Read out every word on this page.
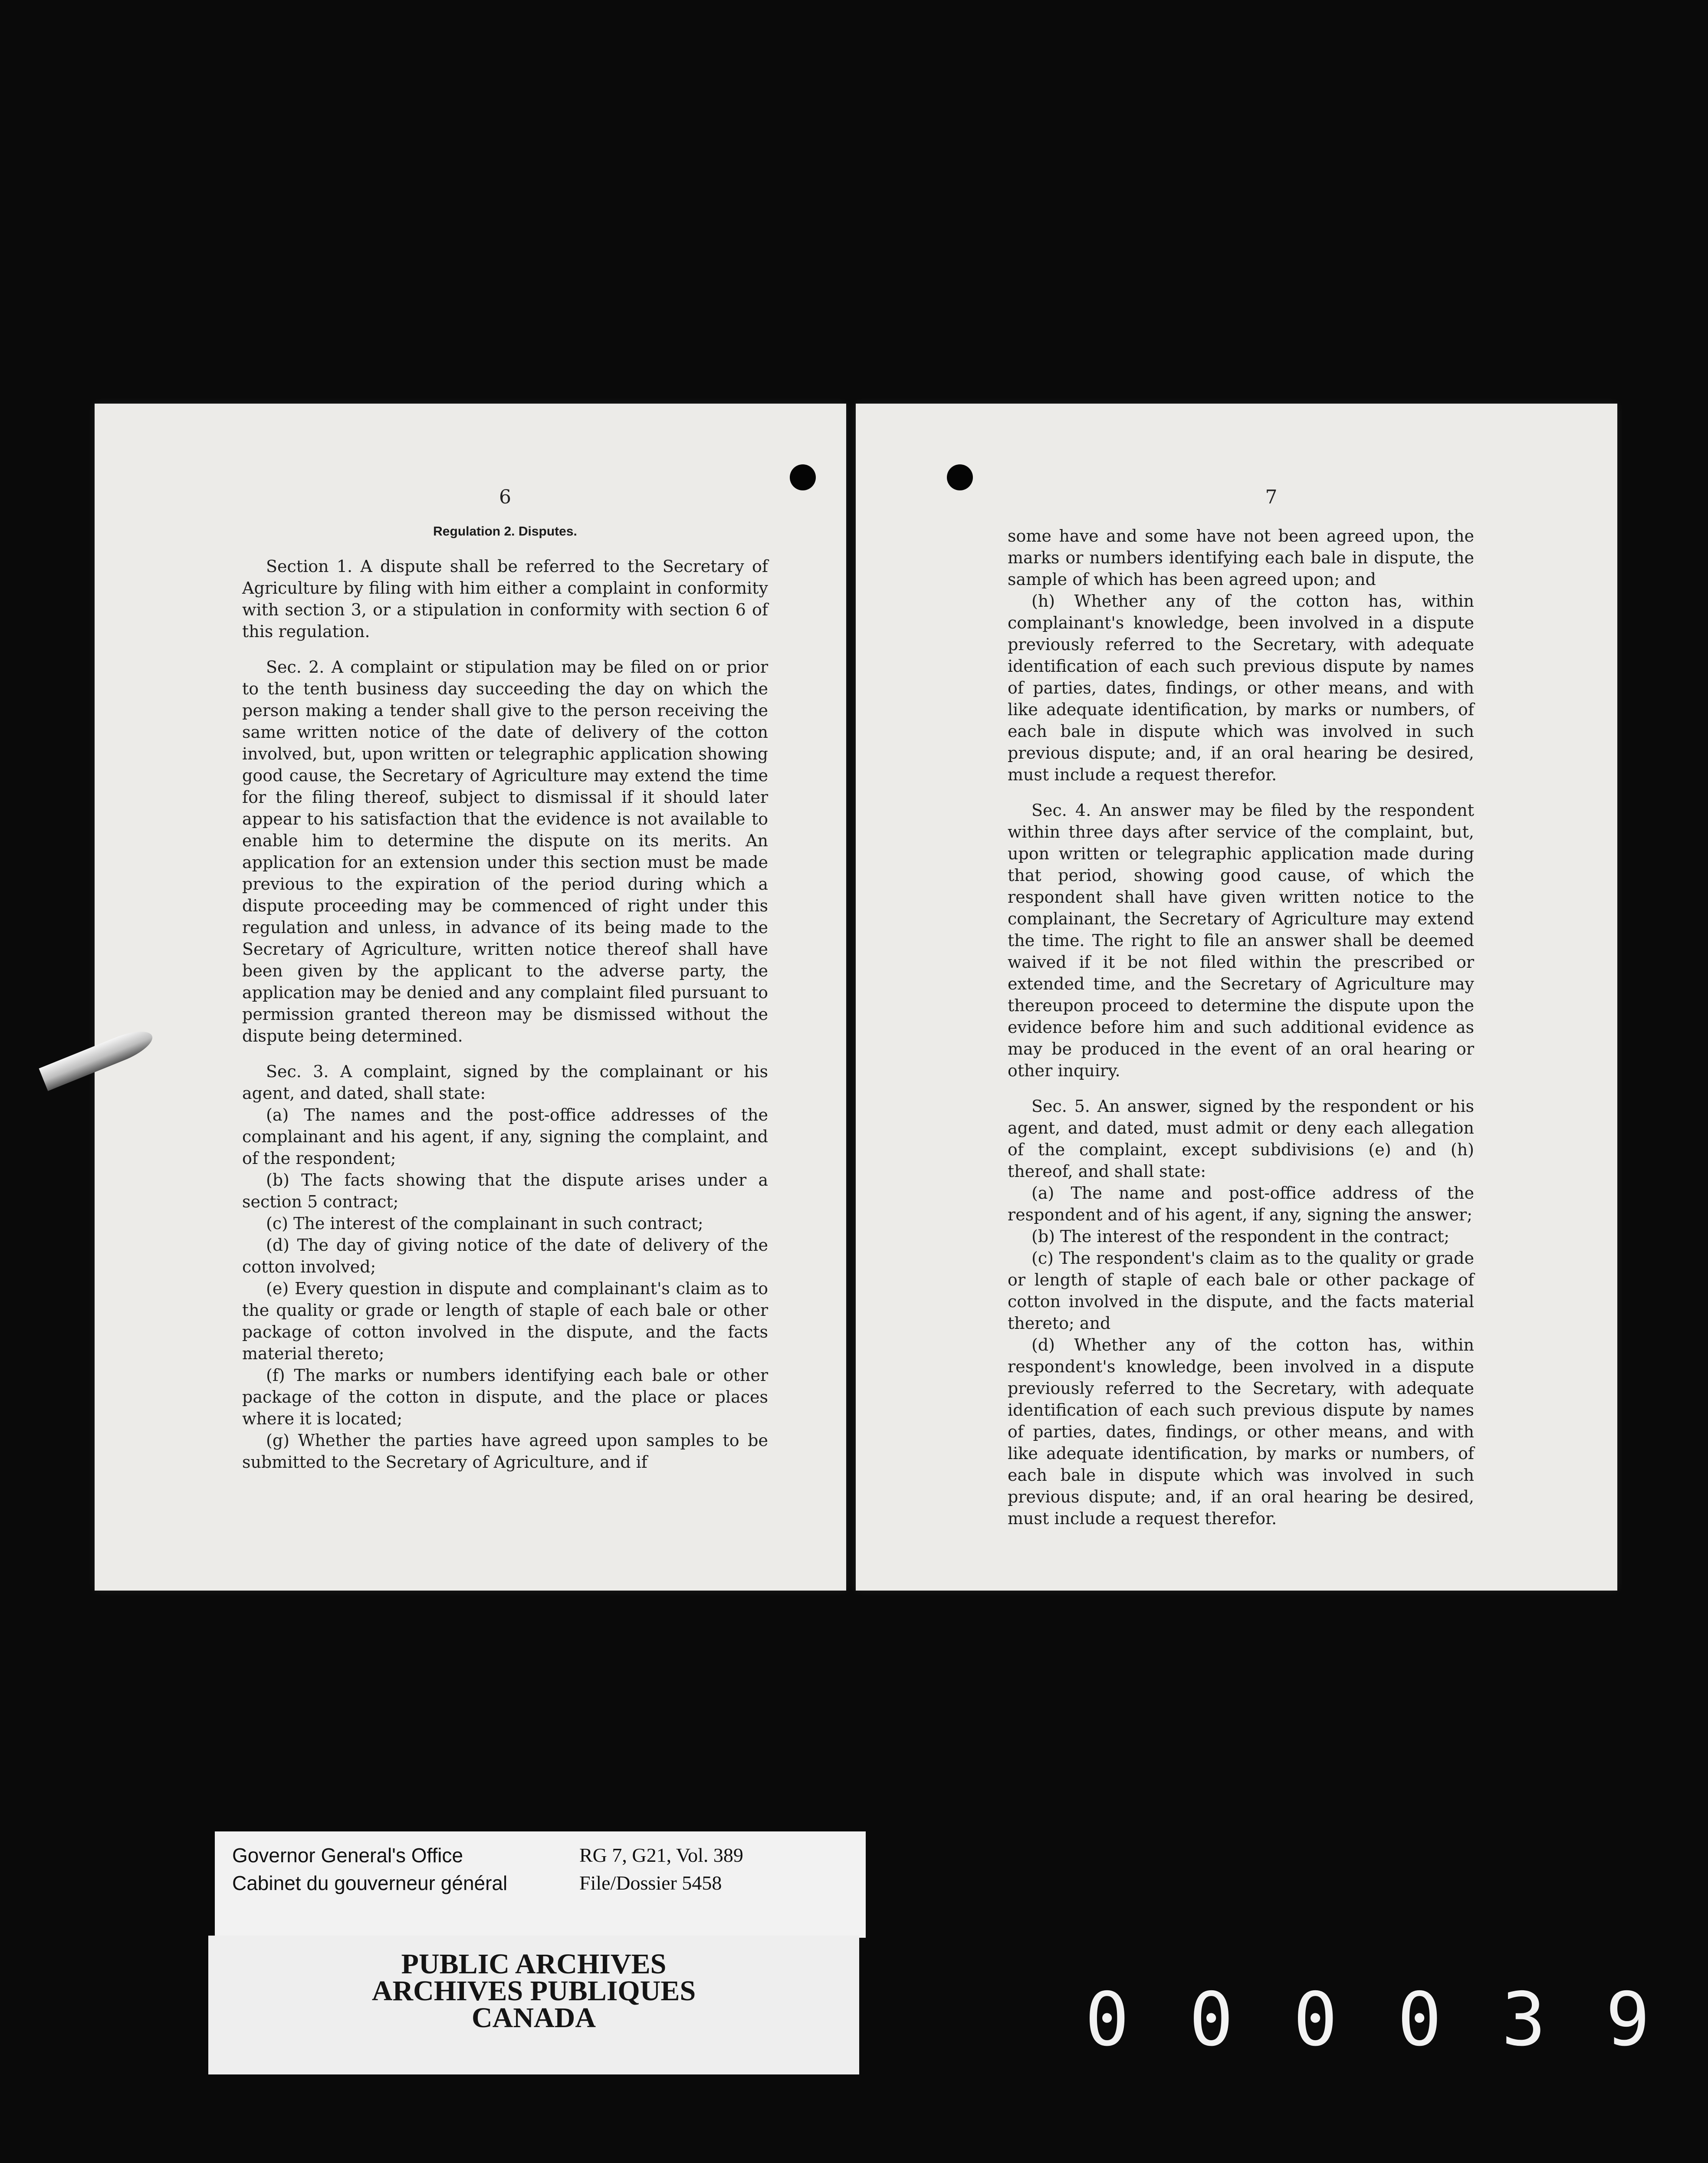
6
Regulation 2. Disputes.

Section 1. A dispute shall be referred to the Secretary of Agriculture by filing with him either a complaint in conformity with section 3, or a stipulation in conformity with section 6 of this regulation.

Sec. 2. A complaint or stipulation may be filed on or prior to the tenth business day succeeding the day on which the person making a tender shall give to the person receiving the same written notice of the date of delivery of the cotton involved, but, upon written or telegraphic application showing good cause, the Secretary of Agriculture may extend the time for the filing thereof, subject to dismissal if it should later appear to his satisfaction that the evidence is not available to enable him to determine the dispute on its merits. An application for an extension under this section must be made previous to the expiration of the period during which a dispute proceeding may be commenced of right under this regulation and unless, in advance of its being made to the Secretary of Agriculture, written notice thereof shall have been given by the applicant to the adverse party, the application may be denied and any complaint filed pursuant to permission granted thereon may be dismissed without the dispute being determined.

Sec. 3. A complaint, signed by the complainant or his agent, and dated, shall state:

(a) The names and the post-office addresses of the complainant and his agent, if any, signing the complaint, and of the respondent;

(b) The facts showing that the dispute arises under a section 5 contract;

(c) The interest of the complainant in such contract;

(d) The day of giving notice of the date of delivery of the cotton involved;

(e) Every question in dispute and complainant's claim as to the quality or grade or length of staple of each bale or other package of cotton involved in the dispute, and the facts material thereto;

(f) The marks or numbers identifying each bale or other package of the cotton in dispute, and the place or places where it is located;

(g) Whether the parties have agreed upon samples to be submitted to the Secretary of Agriculture, and if

7

some have and some have not been agreed upon, the marks or numbers identifying each bale in dispute, the sample of which has been agreed upon; and

(h) Whether any of the cotton has, within complainant's knowledge, been involved in a dispute previously referred to the Secretary, with adequate identification of each such previous dispute by names of parties, dates, findings, or other means, and with like adequate identification, by marks or numbers, of each bale in dispute which was involved in such previous dispute; and, if an oral hearing be desired, must include a request therefor.

Sec. 4. An answer may be filed by the respondent within three days after service of the complaint, but, upon written or telegraphic application made during that period, showing good cause, of which the respondent shall have given written notice to the complainant, the Secretary of Agriculture may extend the time. The right to file an answer shall be deemed waived if it be not filed within the prescribed or extended time, and the Secretary of Agriculture may thereupon proceed to determine the dispute upon the evidence before him and such additional evidence as may be produced in the event of an oral hearing or other inquiry.

Sec. 5. An answer, signed by the respondent or his agent, and dated, must admit or deny each allegation of the complaint, except subdivisions (e) and (h) thereof, and shall state:

(a) The name and post-office address of the respondent and of his agent, if any, signing the answer;

(b) The interest of the respondent in the contract;

(c) The respondent's claim as to the quality or grade or length of staple of each bale or other package of cotton involved in the dispute, and the facts material thereto; and

(d) Whether any of the cotton has, within respondent's knowledge, been involved in a dispute previously referred to the Secretary, with adequate identification of each such previous dispute by names of parties, dates, findings, or other means, and with like adequate identification, by marks or numbers, of each bale in dispute which was involved in such previous dispute; and, if an oral hearing be desired, must include a request therefor.

Governor General's Office
Cabinet du gouverneur général
RG 7, G21, Vol. 389
File/Dossier 5458
PUBLIC ARCHIVES
ARCHIVES PUBLIQUES
CANADA	0 0 0 0 3 9
